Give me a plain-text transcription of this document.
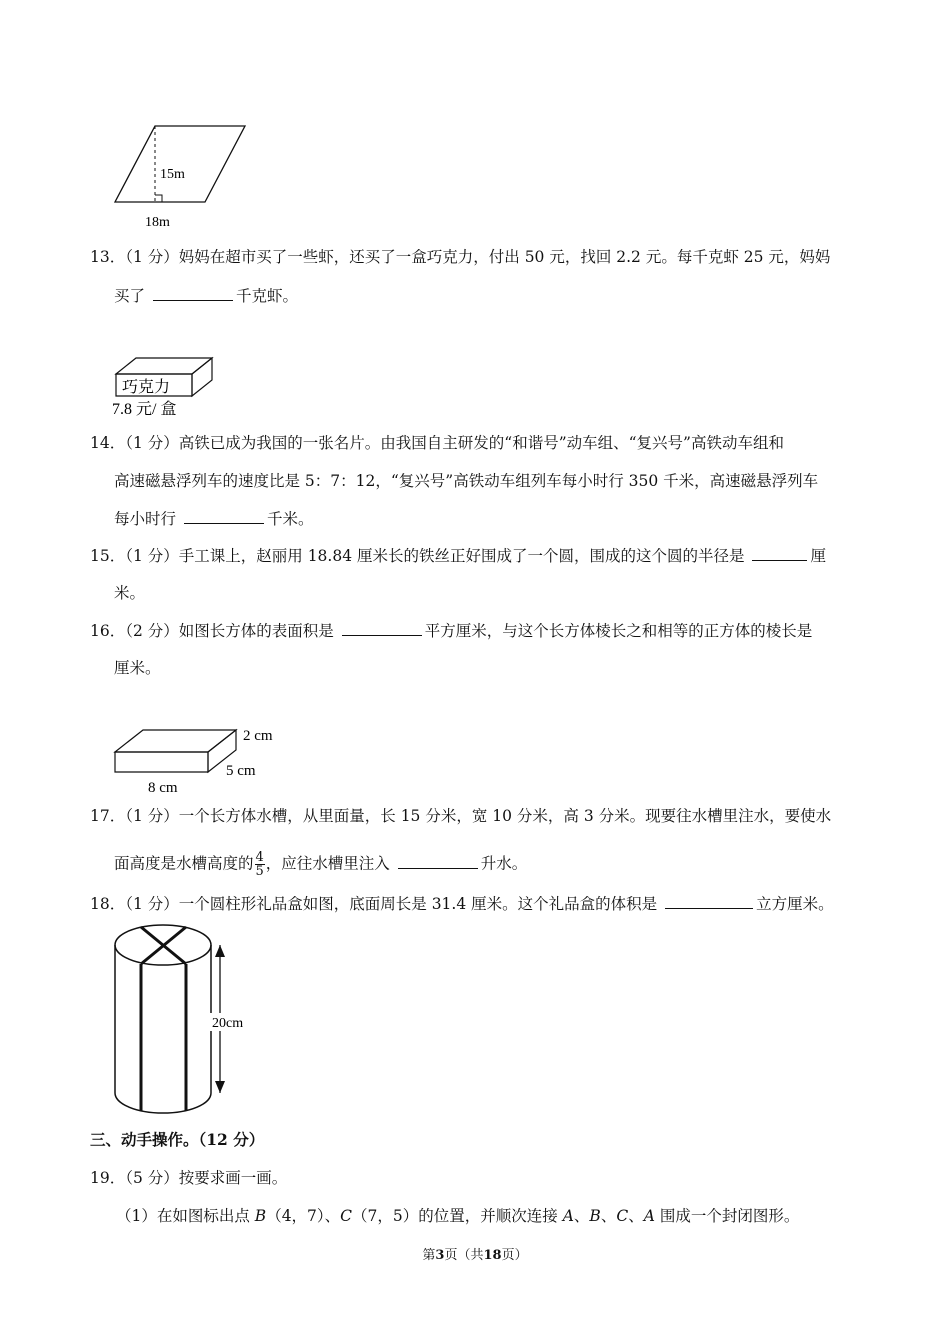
15m
18m
13．（1 分）妈妈在超市买了一些虾，还买了一盒巧克力，付出 50 元，找回 2.2 元。每千克虾 25 元，妈妈
买了	千克虾。
巧克力
7.8 元/ 盒
14．（1 分）高铁已成为我国的一张名片。由我国自主研发的“和谐号”动车组、“复兴号”高铁动车组和
高速磁悬浮列车的速度比是 5：7：12，“复兴号”高铁动车组列车每小时行 350 千米，高速磁悬浮列车
每小时行	千米。
15．（1 分）手工课上，赵丽用 18.84 厘米长的铁丝正好围成了一个圆，围成的这个圆的半径是	厘
米。
16．（2 分）如图长方体的表面积是	平方厘米，与这个长方体棱长之和相等的正方体的棱长是
厘米。
2 cm
5 cm
8 cm
17．（1 分）一个长方体水槽，从里面量，长 15 分米，宽 10 分米，高 3 分米。现要往水槽里注水，要使水
面高度是水槽高度的 $\frac{4}{5}$ ，应往水槽里注入	升水。
18．（1 分）一个圆柱形礼品盒如图，底面周长是 31.4 厘米。这个礼品盒的体积是	立方厘米。
20cm
三、动手操作。（12 分）
19．（5 分）按要求画一画。
（1）在如图标出点 B（4，7）、C（7，5）的位置，并顺次连接 A、B、C、A 围成一个封闭图形。
第3页（共18页）
